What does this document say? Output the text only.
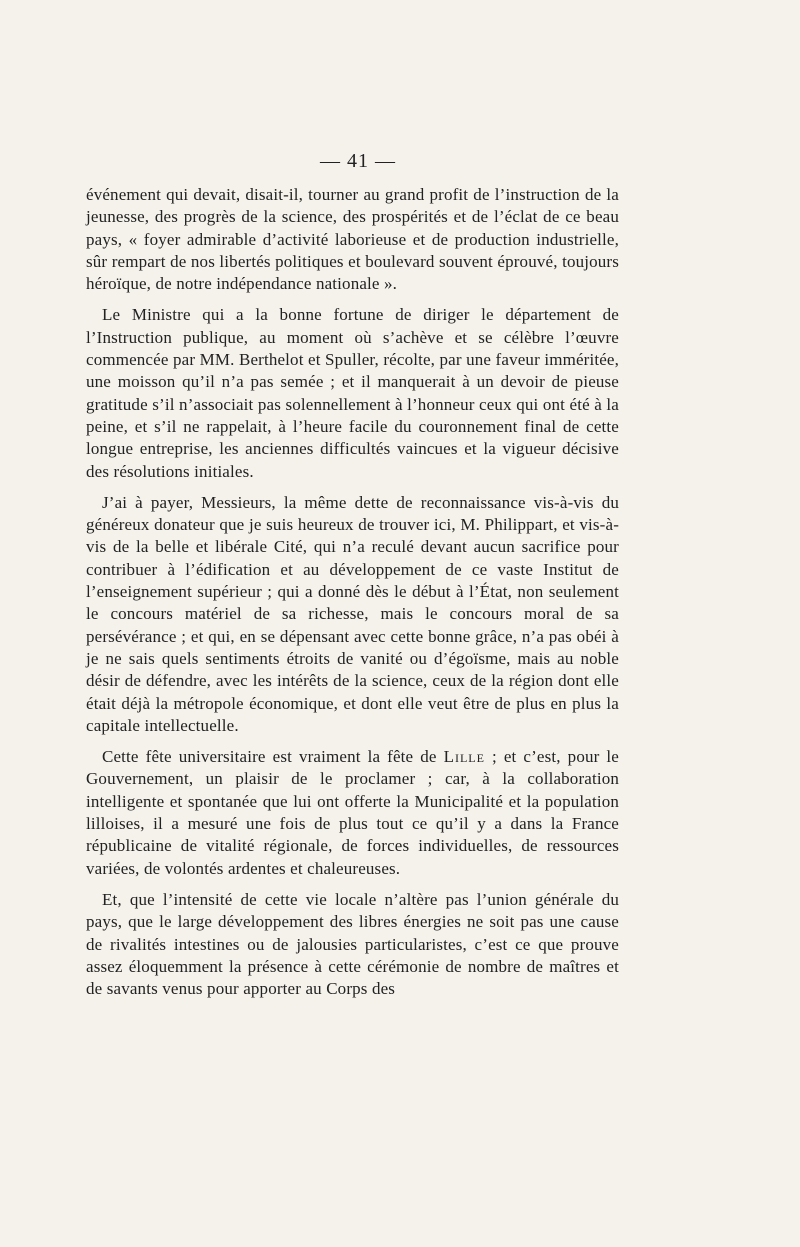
— 41 —

événement qui devait, disait-il, tourner au grand profit de l’instruction de la jeunesse, des progrès de la science, des prospérités et de l’éclat de ce beau pays, « foyer admirable d’activité laborieuse et de production industrielle, sûr rempart de nos libertés politiques et boulevard souvent éprouvé, toujours héroïque, de notre indépendance nationale ».

Le Ministre qui a la bonne fortune de diriger le département de l’Instruction publique, au moment où s’achève et se célèbre l’œuvre commencée par MM. Berthelot et Spuller, récolte, par une faveur imméritée, une moisson qu’il n’a pas semée ; et il manquerait à un devoir de pieuse gratitude s’il n’associait pas solennellement à l’honneur ceux qui ont été à la peine, et s’il ne rappelait, à l’heure facile du couronnement final de cette longue entreprise, les anciennes difficultés vaincues et la vigueur décisive des résolutions initiales.

J’ai à payer, Messieurs, la même dette de reconnaissance vis-à-vis du généreux donateur que je suis heureux de trouver ici, M. Philippart, et vis-à-vis de la belle et libérale Cité, qui n’a reculé devant aucun sacrifice pour contribuer à l’édification et au développement de ce vaste Institut de l’enseignement supérieur ; qui a donné dès le début à l’État, non seulement le concours matériel de sa richesse, mais le concours moral de sa persévérance ; et qui, en se dépensant avec cette bonne grâce, n’a pas obéi à je ne sais quels sentiments étroits de vanité ou d’égoïsme, mais au noble désir de défendre, avec les intérêts de la science, ceux de la région dont elle était déjà la métropole économique, et dont elle veut être de plus en plus la capitale intellectuelle.

Cette fête universitaire est vraiment la fête de Lille ; et c’est, pour le Gouvernement, un plaisir de le proclamer ; car, à la collaboration intelligente et spontanée que lui ont offerte la Municipalité et la population lilloises, il a mesuré une fois de plus tout ce qu’il y a dans la France républicaine de vitalité régionale, de forces individuelles, de ressources variées, de volontés ardentes et chaleureuses.

Et, que l’intensité de cette vie locale n’altère pas l’union générale du pays, que le large développement des libres énergies ne soit pas une cause de rivalités intestines ou de jalousies particularistes, c’est ce que prouve assez éloquemment la présence à cette cérémonie de nombre de maîtres et de savants venus pour apporter au Corps des
